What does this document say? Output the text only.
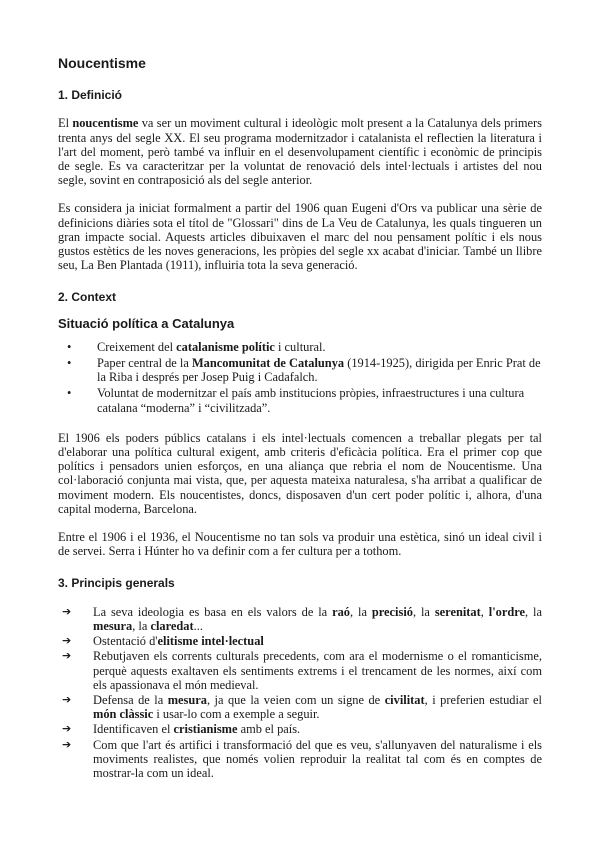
Noucentisme
1. Definició

El noucentisme va ser un moviment cultural i ideològic molt present a la Catalunya dels primers trenta anys del segle XX. El seu programa modernitzador i catalanista el reflectien la literatura i l'art del moment, però també va influir en el desenvolupament científic i econòmic de principis de segle. Es va caracteritzar per la voluntat de renovació dels intel·lectuals i artistes del nou segle, sovint en contraposició als del segle anterior.

Es considera ja iniciat formalment a partir del 1906 quan Eugeni d'Ors va publicar una sèrie de definicions diàries sota el títol de "Glossari" dins de La Veu de Catalunya, les quals tingueren un gran impacte social. Aquests articles dibuixaven el marc del nou pensament polític i els nous gustos estètics de les noves generacions, les pròpies del segle xx acabat d'iniciar. També un llibre seu, La Ben Plantada (1911), influiria tota la seva generació.

2. Context
Situació política a Catalunya
• Creixement del catalanisme polític i cultural.
• Paper central de la Mancomunitat de Catalunya (1914-1925), dirigida per Enric Prat de la Riba i després per Josep Puig i Cadafalch.
• Voluntat de modernitzar el país amb institucions pròpies, infraestructures i una cultura catalana “moderna” i “civilitzada”.

El 1906 els poders públics catalans i els intel·lectuals comencen a treballar plegats per tal d'elaborar una política cultural exigent, amb criteris d'eficàcia política. Era el primer cop que polítics i pensadors unien esforços, en una aliança que rebria el nom de Noucentisme. Una col·laboració conjunta mai vista, que, per aquesta mateixa naturalesa, s'ha arribat a qualificar de moviment modern. Els noucentistes, doncs, disposaven d'un cert poder polític i, alhora, d'una capital moderna, Barcelona.

Entre el 1906 i el 1936, el Noucentisme no tan sols va produir una estètica, sinó un ideal civil i de servei. Serra i Húnter ho va definir com a fer cultura per a tothom.

3. Principis generals
➔ La seva ideologia es basa en els valors de la raó, la precisió, la serenitat, l'ordre, la mesura, la claredat...
➔ Ostentació d'elitisme intel·lectual
➔ Rebutjaven els corrents culturals precedents, com ara el modernisme o el romanticisme, perquè aquests exaltaven els sentiments extrems i el trencament de les normes, així com els apassionava el món medieval.
➔ Defensa de la mesura, ja que la veien com un signe de civilitat, i preferien estudiar el món clàssic i usar-lo com a exemple a seguir.
➔ Identificaven el cristianisme amb el país.
➔ Com que l'art és artifici i transformació del que es veu, s'allunyaven del naturalisme i els moviments realistes, que només volien reproduir la realitat tal com és en comptes de mostrar-la com un ideal.
